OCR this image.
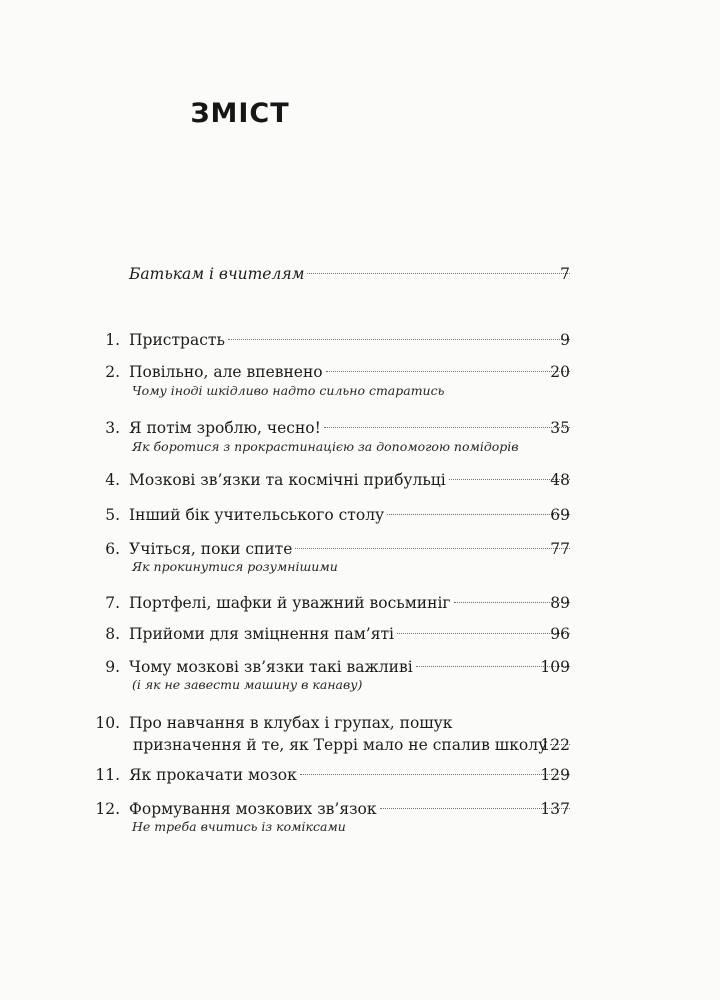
ЗМІСТ
Батькам і вчителям	7
1. Пристрасть	9
2. Повільно, але впевнено	20
Чому іноді шкідливо надто сильно старатись
3. Я потім зроблю, чесно!	35
Як боротися з прокрастинацією за допомогою помідорів
4. Мозкові зв’язки та космічні прибульці	48
5. Інший бік учительського столу	69
6. Учіться, поки спите	77
Як прокинутися розумнішими
7. Портфелі, шафки й уважний восьминіг	89
8. Прийоми для зміцнення пам’яті	96
9. Чому мозкові зв’язки такі важливі	109
(і як не завести машину в канаву)
10. Про навчання в клубах і групах, пошук
призначення й те, як Террі мало не спалив школу
122
11. Як прокачати мозок	129
12. Формування мозкових зв’язок	137
Не треба вчитись із коміксами
